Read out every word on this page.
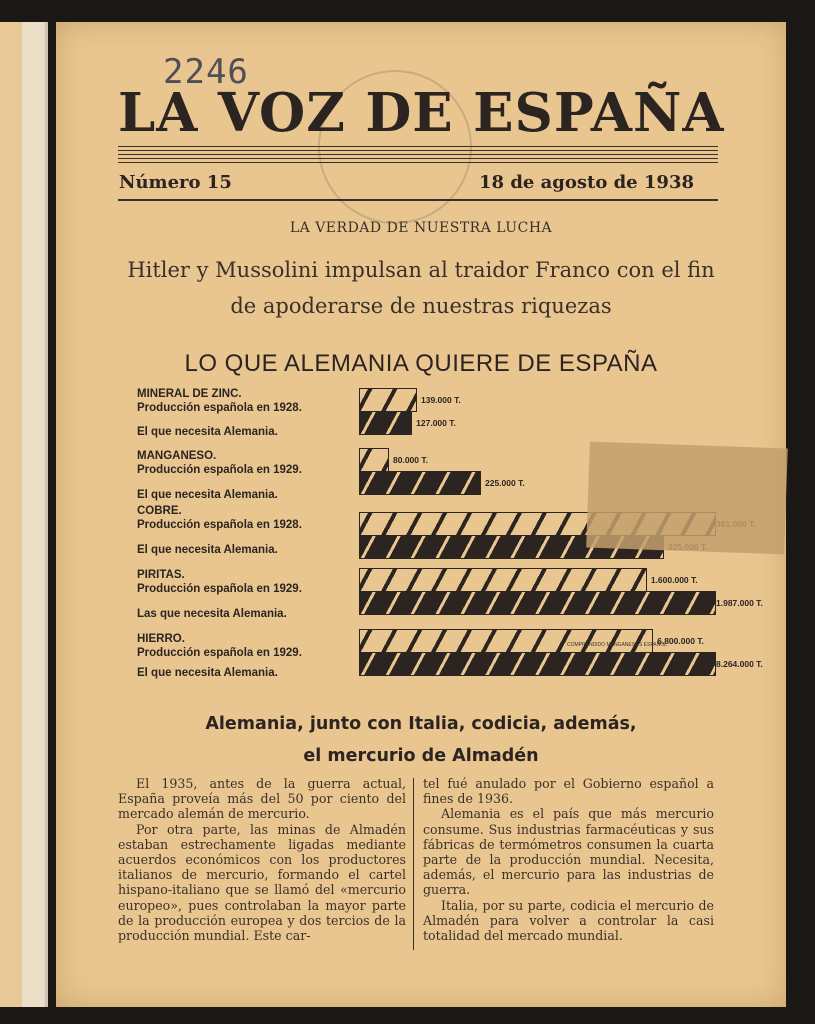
2246
LA VOZ DE ESPAÑA
Número 15	18 de agosto de 1938
LA VERDAD DE NUESTRA LUCHA
Hitler y Mussolini impulsan al traidor Franco con el fin
de apoderarse de nuestras riquezas
LO QUE ALEMANIA QUIERE DE ESPAÑA
MINERAL DE ZINC.
Producción española en 1928.
El que necesita Alemania.
MANGANESO.
Producción española en 1929.
El que necesita Alemania.
COBRE.
Producción española en 1928.
El que necesita Alemania.
PIRITAS.
Producción española en 1929.
Las que necesita Alemania.
HIERRO.
Producción española en 1929.
El que necesita Alemania.
139.000 T.
127.000 T.
80.000 T.
225.000 T.
1.600.000 T.
1.987.000 T.
6.800.000 T.
8.264.000 T.
COMPRENDIDO MANGANESOS ESPAÑOL
Alemania, junto con Italia, codicia, además,
el mercurio de Almadén

El 1935, antes de la guerra actual, España proveía más del 50 por ciento del mercado alemán de mercurio.

Por otra parte, las minas de Almadén estaban estrechamente ligadas mediante acuerdos económicos con los productores italianos de mercurio, formando el cartel hispano-italiano que se llamó del «mercurio europeo», pues controlaban la mayor parte de la producción europea y dos tercios de la producción mundial. Este car-

tel fué anulado por el Gobierno español a fines de 1936.

Alemania es el país que más mercurio consume. Sus industrias farmacéuticas y sus fábricas de termómetros consumen la cuarta parte de la producción mundial. Necesita, además, el mercurio para las industrias de guerra.

Italia, por su parte, codicia el mercurio de Almadén para volver a controlar la casi totalidad del mercado mundial.
